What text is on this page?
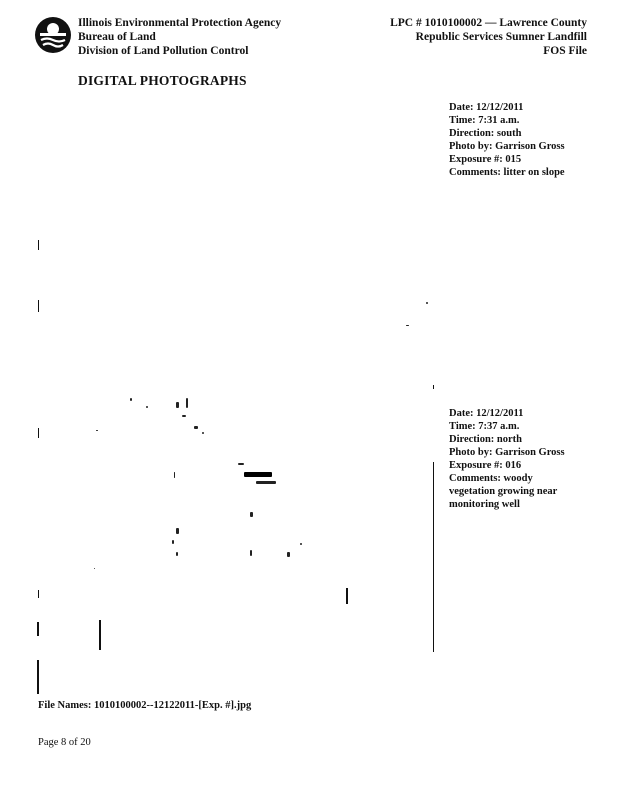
Illinois Environmental Protection Agency
Bureau of Land
Division of Land Pollution Control
LPC # 1010100002 — Lawrence County
Republic Services Sumner Landfill
FOS File
DIGITAL PHOTOGRAPHS
Date: 12/12/2011
Time: 7:31 a.m.
Direction: south
Photo by: Garrison Gross
Exposure #: 015
Comments: litter on slope
Date: 12/12/2011
Time: 7:37 a.m.
Direction: north
Photo by: Garrison Gross
Exposure #: 016
Comments: woody
vegetation growing near
monitoring well
File Names: 1010100002--12122011-[Exp. #].jpg
Page 8 of 20
